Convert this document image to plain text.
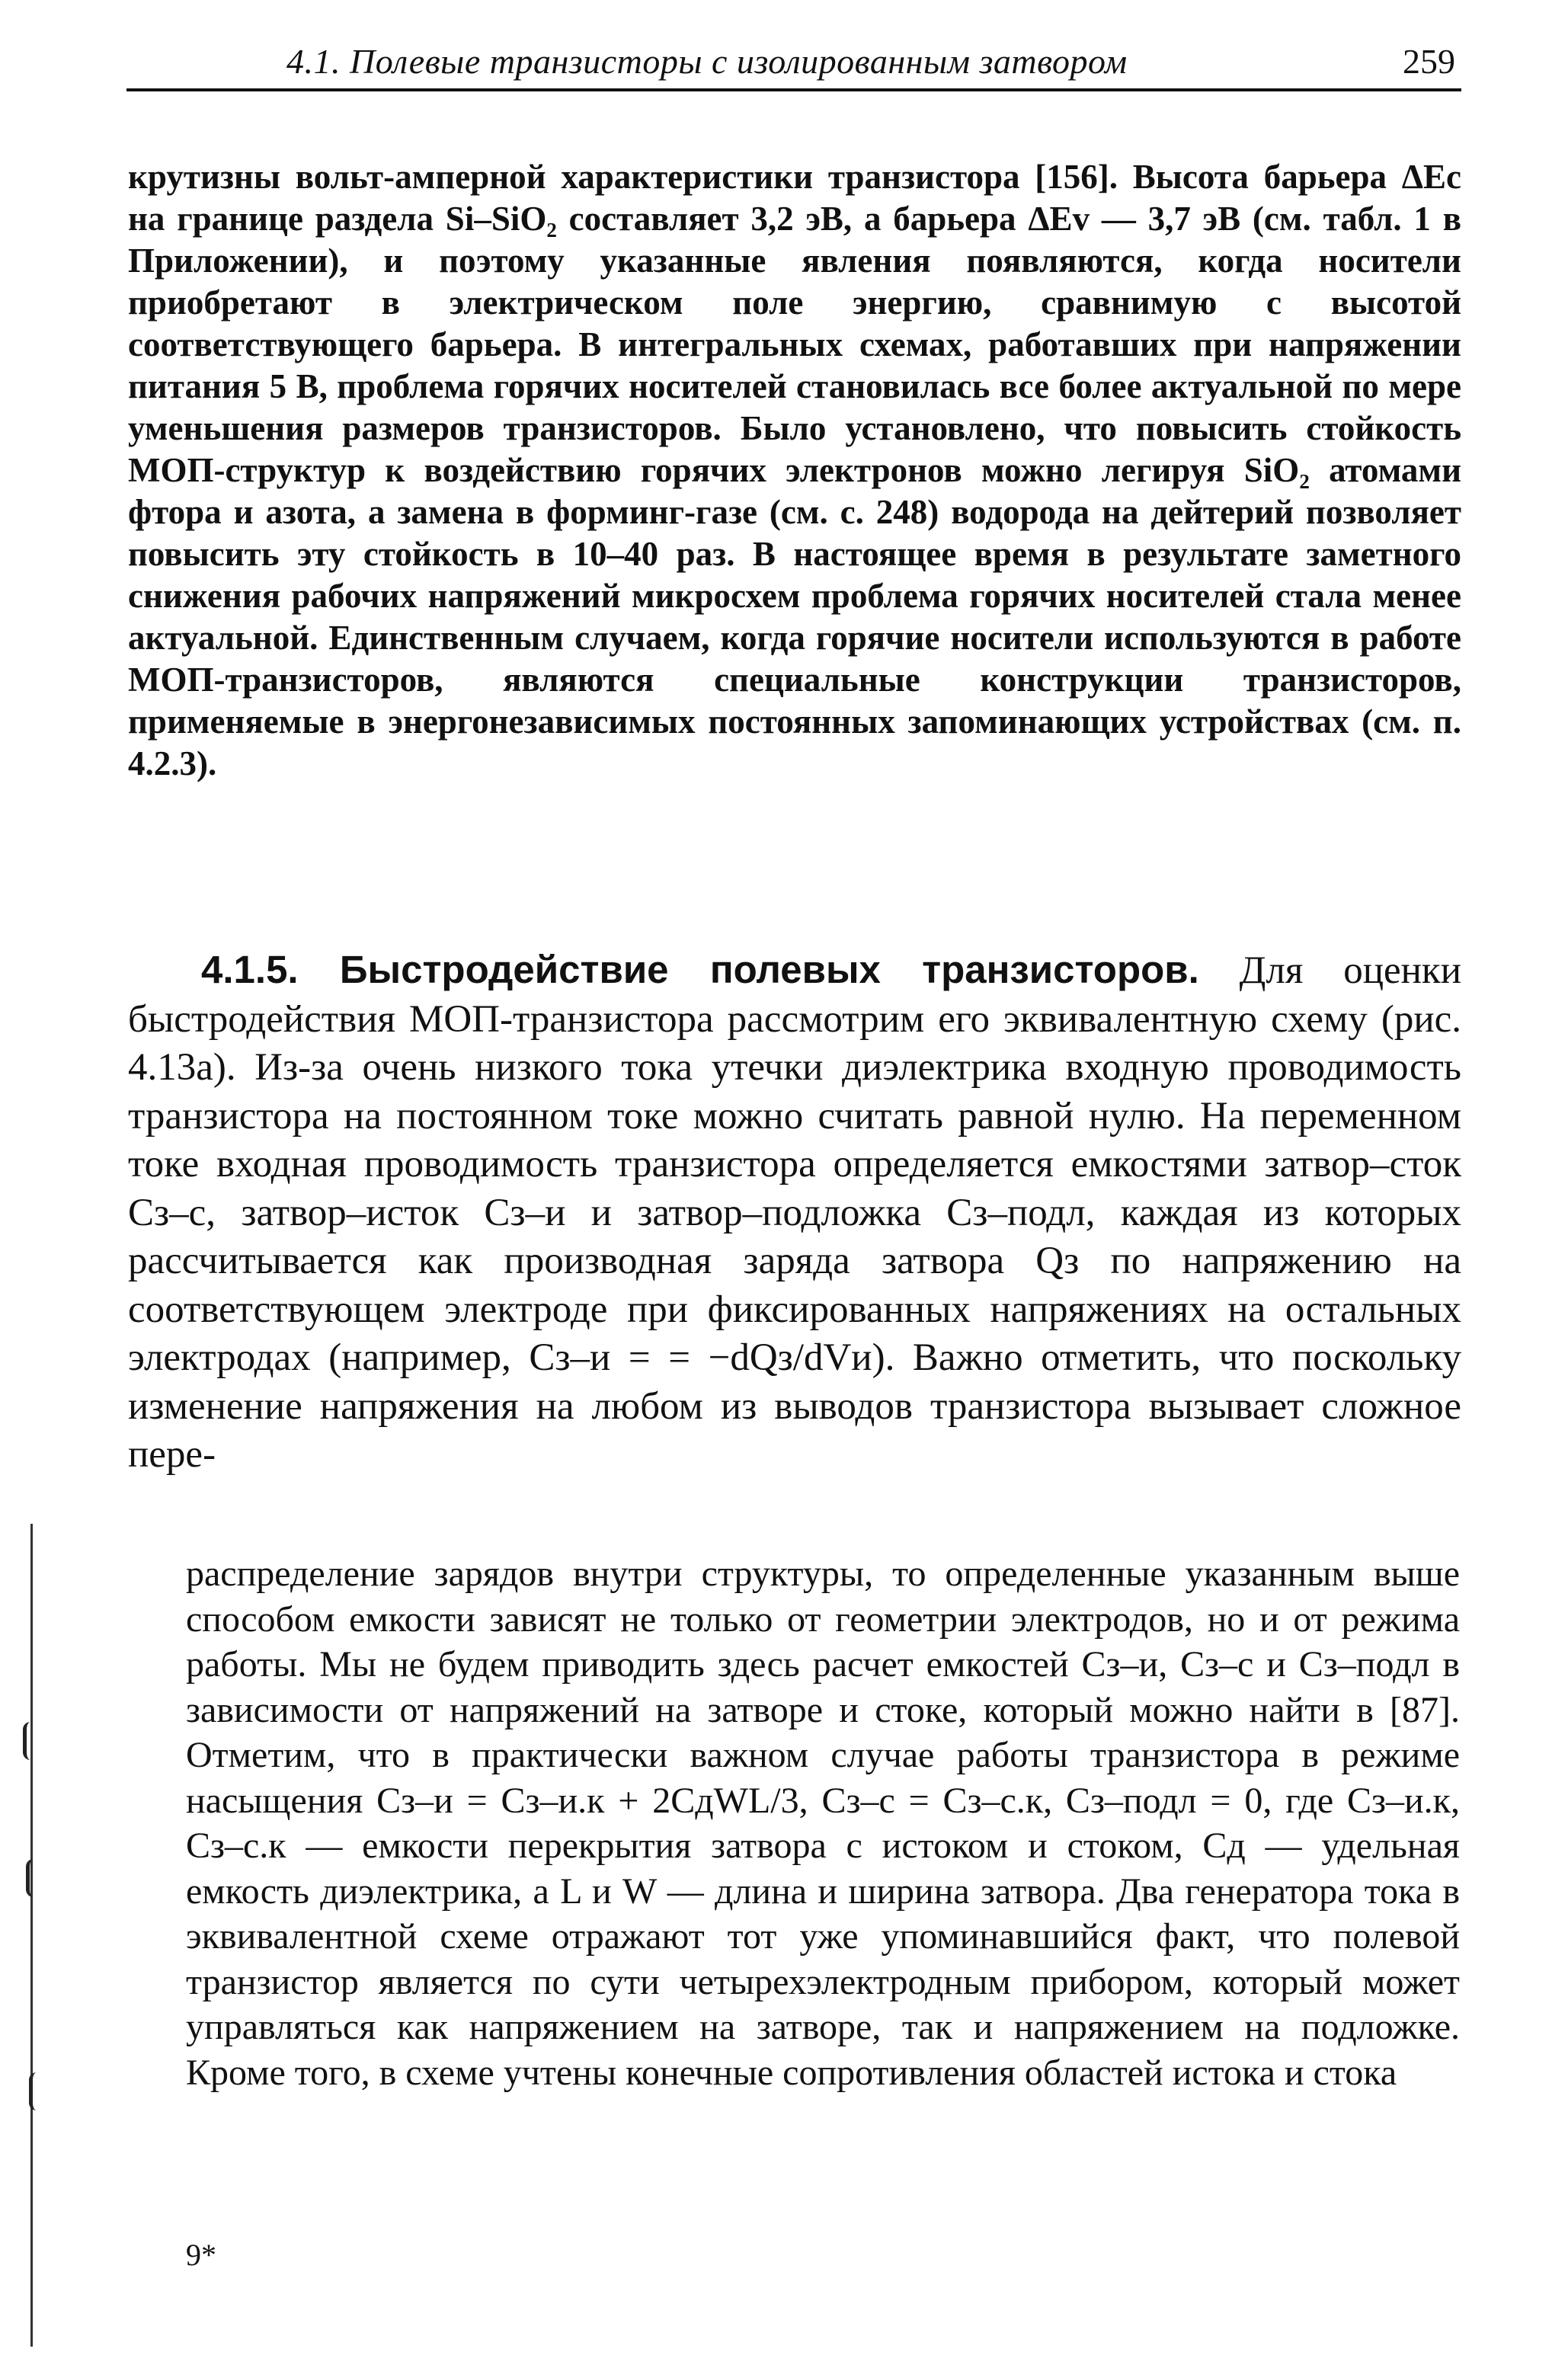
4.1. Полевые транзисторы с изолированным затвором	259

крутизны вольт-амперной характеристики транзистора [156]. Высота барьера ΔEc на границе раздела Si–SiO₂ составляет 3,2 эВ, а барьера ΔEv — 3,7 эВ (см. табл. 1 в Приложении), и поэтому указанные явления появляются, когда носители приобретают в электрическом поле энергию, сравнимую с высотой соответствующего барьера. В интегральных схемах, работавших при напряжении питания 5 В, проблема горячих носителей становилась все более актуальной по мере уменьшения размеров транзисторов. Было установлено, что повысить стойкость МОП-структур к воздействию горячих электронов можно легируя SiO₂ атомами фтора и азота, а замена в форминг-газе (см. с. 248) водорода на дейтерий позволяет повысить эту стойкость в 10–40 раз. В настоящее время в результате заметного снижения рабочих напряжений микросхем проблема горячих носителей стала менее актуальной. Единственным случаем, когда горячие носители используются в работе МОП-транзисторов, являются специальные конструкции транзисторов, применяемые в энергонезависимых постоянных запоминающих устройствах (см. п. 4.2.3).

4.1.5. Быстродействие полевых транзисторов. Для оценки быстродействия МОП-транзистора рассмотрим его эквивалентную схему (рис. 4.13а). Из-за очень низкого тока утечки диэлектрика входную проводимость транзистора на постоянном токе можно считать равной нулю. На переменном токе входная проводимость транзистора определяется емкостями затвор–сток Cз–с, затвор–исток Cз–и и затвор–подложка Cз–подл, каждая из которых рассчитывается как производная заряда затвора Qз по напряжению на соответствующем электроде при фиксированных напряжениях на остальных электродах (например, Cз–и = = −dQз/dVи). Важно отметить, что поскольку изменение напряжения на любом из выводов транзистора вызывает сложное пере-

распределение зарядов внутри структуры, то определенные указанным выше способом емкости зависят не только от геометрии электродов, но и от режима работы. Мы не будем приводить здесь расчет емкостей Cз–и, Cз–с и Cз–подл в зависимости от напряжений на затворе и стоке, который можно найти в [87]. Отметим, что в практически важном случае работы транзистора в режиме насыщения Cз–и = Cз–и.к + 2CдWL/3, Cз–с = Cз–с.к, Cз–подл = 0, где Cз–и.к, Cз–с.к — емкости перекрытия затвора с истоком и стоком, Cд — удельная емкость диэлектрика, а L и W — длина и ширина затвора. Два генератора тока в эквивалентной схеме отражают тот уже упоминавшийся факт, что полевой транзистор является по сути четырехэлектродным прибором, который может управляться как напряжением на затворе, так и напряжением на подложке. Кроме того, в схеме учтены конечные сопротивления областей истока и стока

9*
